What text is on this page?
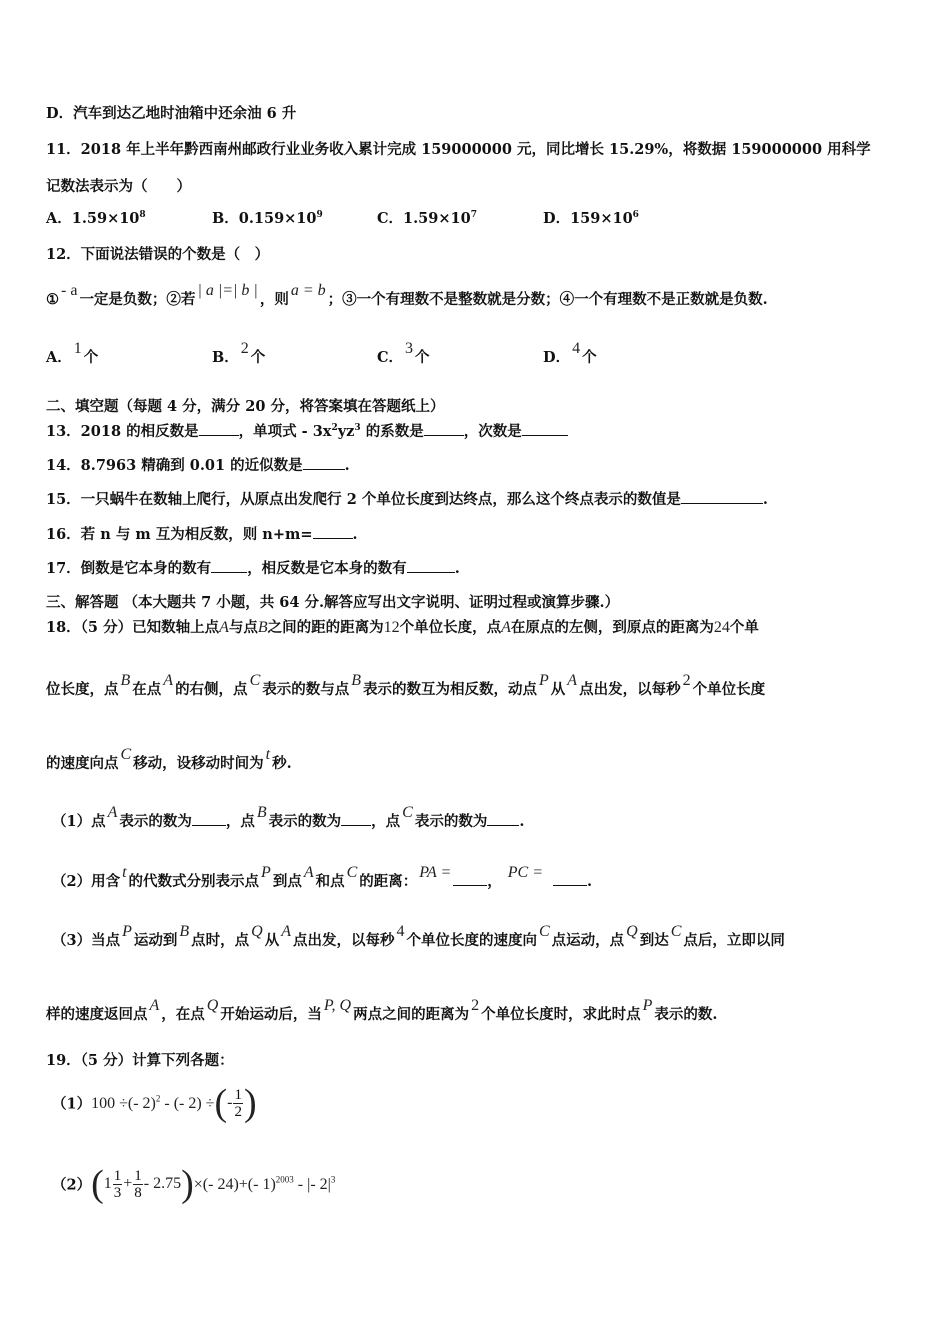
D．汽车到达乙地时油箱中还余油 6 升
11．2018 年上半年黔西南州邮政行业业务收入累计完成 159000000 元，同比增长 15.29%，将数据 159000000 用科学
记数法表示为（　　）
A．$1.59\times 10^8$	B．$0.159\times 10^9$	C．$1.59\times 10^7$	D．$159\times 10^6$
12．下面说法错误的个数是（　）
①- a一定是负数；②若| a |=| b |，则a = b；③一个有理数不是整数就是分数；④一个有理数不是正数就是负数.
A．1个	B．2个	C．3个	D．4个
二、填空题（每题 4 分，满分 20 分，将答案填在答题纸上）
13．2018 的相反数是	，单项式 - $3x^2yz^3$ 的系数是	，次数是
14．8.7963 精确到 0.01 的近似数是	.
15．一只蜗牛在数轴上爬行，从原点出发爬行 2 个单位长度到达终点，那么这个终点表示的数值是	.
16．若 n 与 m 互为相反数，则 n+m=	.
17．倒数是它本身的数有 ，相反数是它本身的数有	.
三、解答题 （本大题共 7 小题，共 64 分.解答应写出文字说明、证明过程或演算步骤.）
18．（5 分）已知数轴上点A与点B之间的距的距离为12个单位长度，点A在原点的左侧，到原点的距离为24个单
位长度，点B在点A的右侧，点C表示的数与点B表示的数互为相反数，动点P从A点出发，以每秒2个单位长度
的速度向点C移动，设移动时间为t秒.
（1）点A表示的数为 ，点B表示的数为 ，点C表示的数为 .
（2）用含t的代数式分别表示点P到点A和点C的距离：PA =，PC =.
（3）当点P运动到B点时，点Q从A点出发，以每秒4个单位长度的速度向C点运动，点Q到达C点后，立即以同
样的速度返回点A，在点Q开始运动后，当P, Q两点之间的距离为2个单位长度时，求此时点P表示的数.
19．（5 分）计算下列各题：
（1）100 ÷(- 2)$^2$ - (- 2) ÷(- $\frac{1}{2}$ )
$(2)(1 \frac{1}{3} + \frac{1}{8} - 2.75)\times(-$ 24)+(- 1)$^{2003}$ - |- $2|^3$
